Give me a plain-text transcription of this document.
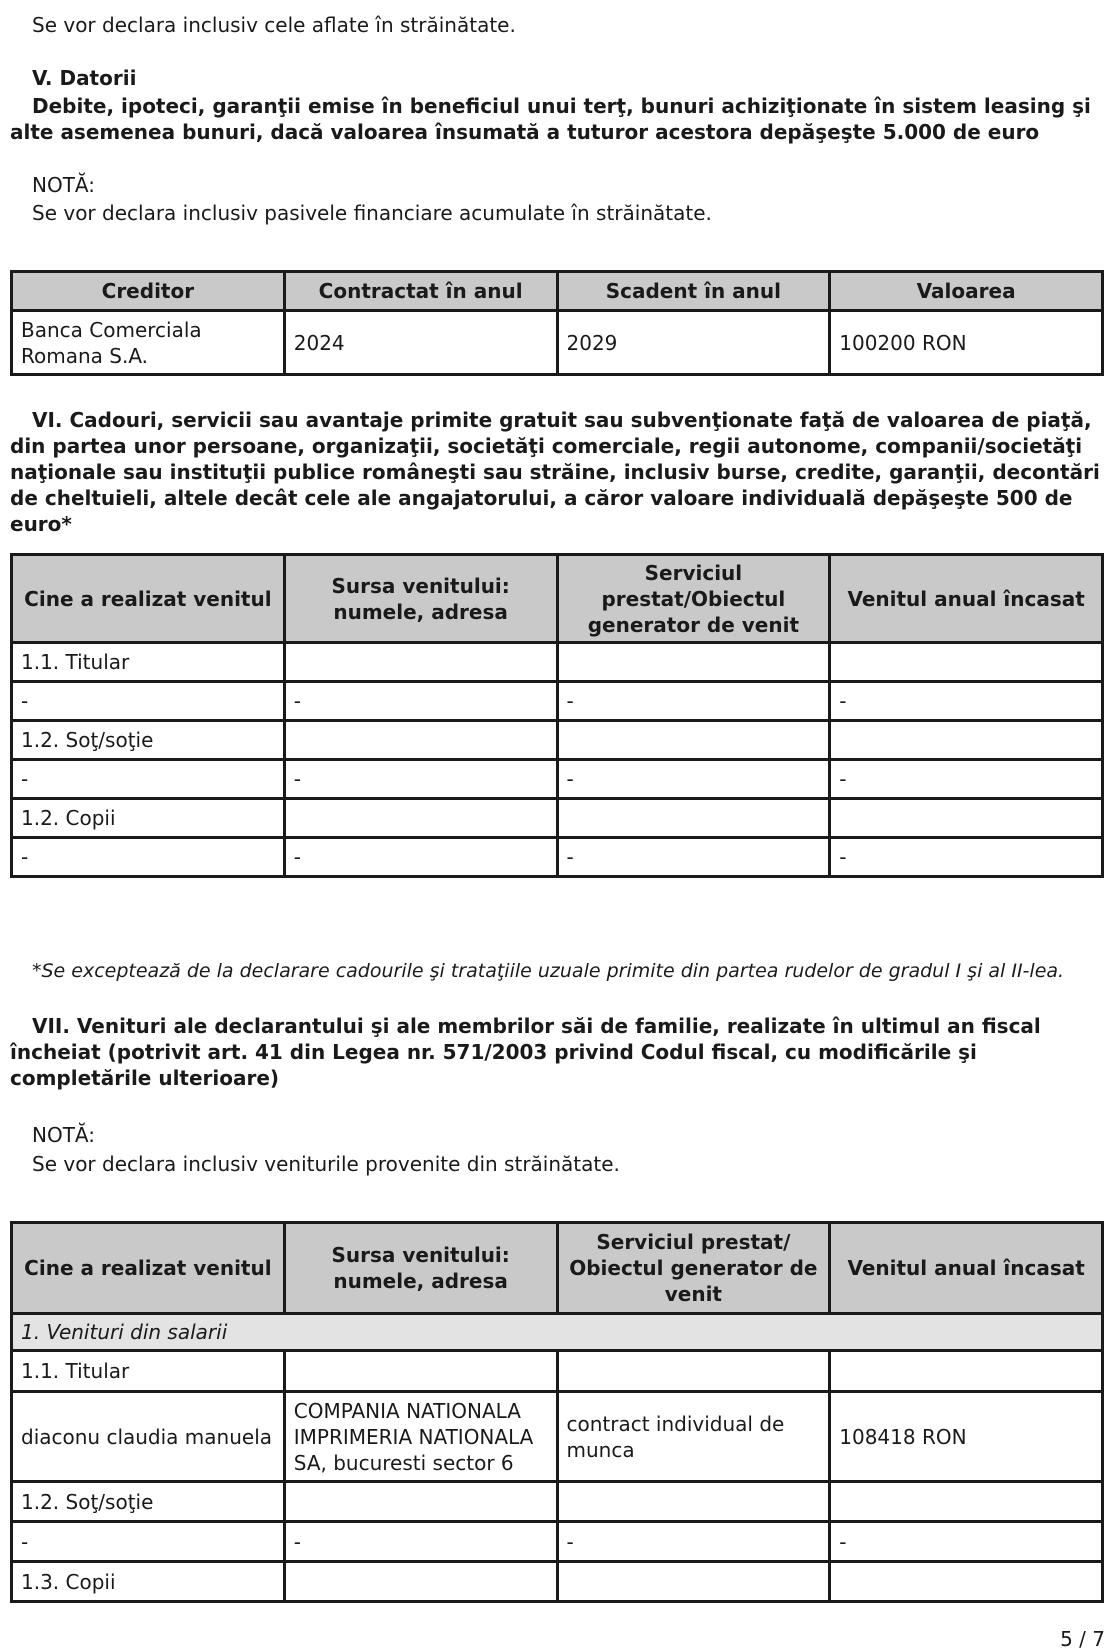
Se vor declara inclusiv cele aflate în străinătate.

V. Datorii

Debite, ipoteci, garanţii emise în beneficiul unui terţ, bunuri achiziţionate în sistem leasing şi alte asemenea bunuri, dacă valoarea însumată a tuturor acestora depăşeşte 5.000 de euro

NOTĂ:

Se vor declara inclusiv pasivele financiare acumulate în străinătate.

Creditor	Contractat în anul	Scadent în anul	Valoarea
Banca Comerciala Romana S.A.	2024	2029	100200 RON

VI. Cadouri, servicii sau avantaje primite gratuit sau subvenţionate faţă de valoarea de piaţă, din partea unor persoane, organizaţii, societăţi comerciale, regii autonome, companii/societăţi naţionale sau instituţii publice româneşti sau străine, inclusiv burse, credite, garanţii, decontări de cheltuieli, altele decât cele ale angajatorului, a căror valoare individuală depăşeşte 500 de euro*

Cine a realizat venitul	Sursa venitului: numele, adresa	Serviciul prestat/Obiectul generator de venit	Venitul anual încasat
1.1. Titular			
-	-	-	-
1.2. Soţ/soţie			
-	-	-	-
1.2. Copii			
-	-	-	-

*Se exceptează de la declarare cadourile şi trataţiile uzuale primite din partea rudelor de gradul I şi al II-lea.

VII. Venituri ale declarantului şi ale membrilor săi de familie, realizate în ultimul an fiscal încheiat (potrivit art. 41 din Legea nr. 571/2003 privind Codul fiscal, cu modificările şi completările ulterioare)

NOTĂ:

Se vor declara inclusiv veniturile provenite din străinătate.

Cine a realizat venitul	Sursa venitului: numele, adresa	Serviciul prestat/ Obiectul generator de venit	Venitul anual încasat
1. Venituri din salarii			
1.1. Titular			
diaconu claudia manuela	COMPANIA NATIONALA IMPRIMERIA NATIONALA SA, bucuresti sector 6	contract individual de munca	108418 RON
1.2. Soţ/soţie			
-	-	-	-
1.3. Copii			
5 / 7
